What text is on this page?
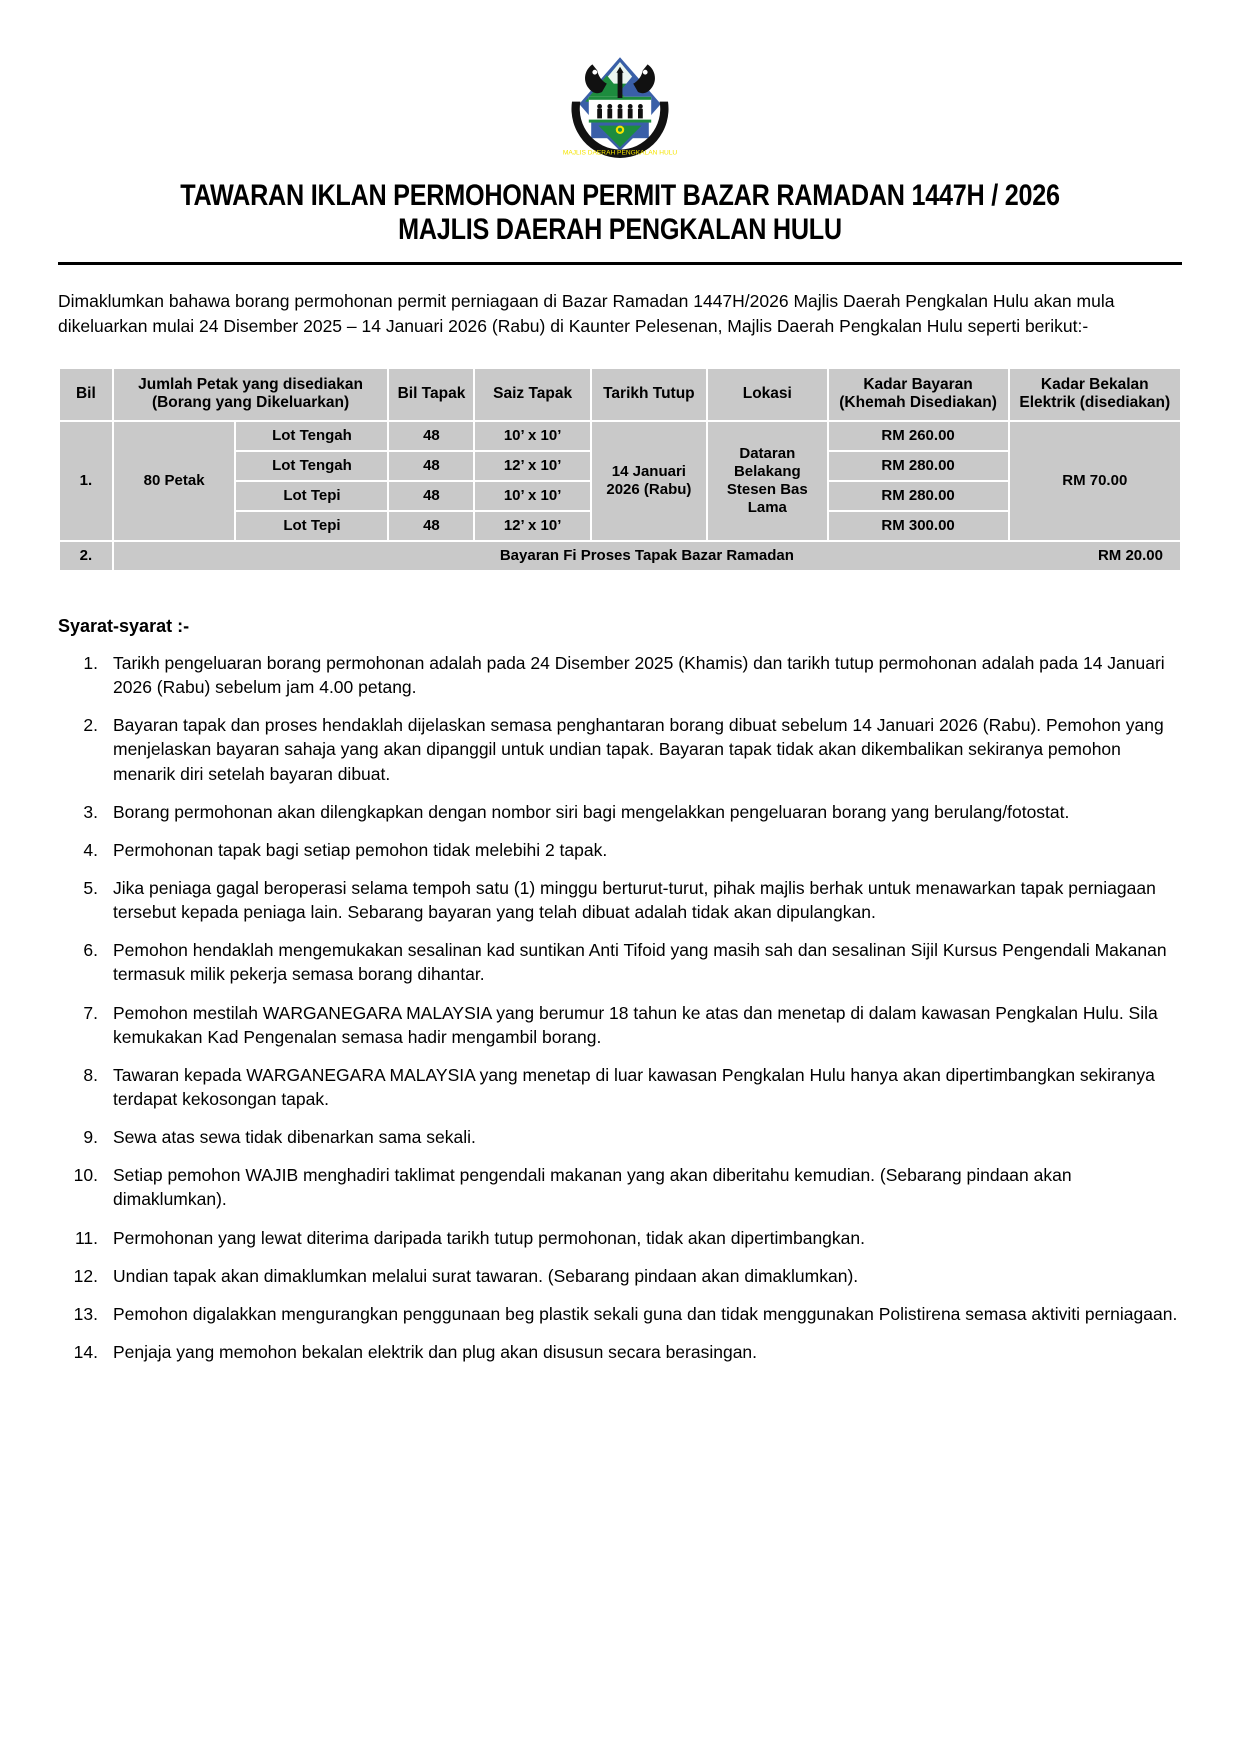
MAJLIS DAERAH PENGKALAN HULU
TAWARAN IKLAN PERMOHONAN PERMIT BAZAR RAMADAN 1447H / 2026
MAJLIS DAERAH PENGKALAN HULU

Dimaklumkan bahawa borang permohonan permit perniagaan di Bazar Ramadan 1447H/2026 Majlis Daerah Pengkalan Hulu akan mula dikeluarkan mulai 24 Disember 2025 – 14 Januari 2026 (Rabu) di Kaunter Pelesenan, Majlis Daerah Pengkalan Hulu seperti berikut:-

Bil	Jumlah Petak yang disediakan (Borang yang Dikeluarkan)		Bil Tapak	Saiz Tapak	Tarikh Tutup	Lokasi	Kadar Bayaran (Khemah Disediakan)	Kadar Bekalan Elektrik (disediakan)
1.	80 Petak	Lot Tengah	48	10’ x 10’	14 Januari 2026 (Rabu)	Dataran Belakang Stesen Bas Lama	RM 260.00	RM 70.00
		Lot Tengah	48	12’ x 10’			RM 280.00	
		Lot Tepi	48	10’ x 10’			RM 280.00	
		Lot Tepi	48	12’ x 10’			RM 300.00	
2.	Bayaran Fi Proses Tapak Bazar Ramadan RM 20.00							
Syarat-syarat :-
Tarikh pengeluaran borang permohonan adalah pada 24 Disember 2025 (Khamis) dan tarikh tutup permohonan adalah pada 14 Januari 2026 (Rabu) sebelum jam 4.00 petang.
Bayaran tapak dan proses hendaklah dijelaskan semasa penghantaran borang dibuat sebelum 14 Januari 2026 (Rabu). Pemohon yang menjelaskan bayaran sahaja yang akan dipanggil untuk undian tapak. Bayaran tapak tidak akan dikembalikan sekiranya pemohon menarik diri setelah bayaran dibuat.
Borang permohonan akan dilengkapkan dengan nombor siri bagi mengelakkan pengeluaran borang yang berulang/fotostat.
Permohonan tapak bagi setiap pemohon tidak melebihi 2 tapak.
Jika peniaga gagal beroperasi selama tempoh satu (1) minggu berturut-turut, pihak majlis berhak untuk menawarkan tapak perniagaan tersebut kepada peniaga lain. Sebarang bayaran yang telah dibuat adalah tidak akan dipulangkan.
Pemohon hendaklah mengemukakan sesalinan kad suntikan Anti Tifoid yang masih sah dan sesalinan Sijil Kursus Pengendali Makanan termasuk milik pekerja semasa borang dihantar.
Pemohon mestilah WARGANEGARA MALAYSIA yang berumur 18 tahun ke atas dan menetap di dalam kawasan Pengkalan Hulu. Sila kemukakan Kad Pengenalan semasa hadir mengambil borang.
Tawaran kepada WARGANEGARA MALAYSIA yang menetap di luar kawasan Pengkalan Hulu hanya akan dipertimbangkan sekiranya terdapat kekosongan tapak.
Sewa atas sewa tidak dibenarkan sama sekali.
Setiap pemohon WAJIB menghadiri taklimat pengendali makanan yang akan diberitahu kemudian. (Sebarang pindaan akan dimaklumkan).
Permohonan yang lewat diterima daripada tarikh tutup permohonan, tidak akan dipertimbangkan.
Undian tapak akan dimaklumkan melalui surat tawaran. (Sebarang pindaan akan dimaklumkan).
Pemohon digalakkan mengurangkan penggunaan beg plastik sekali guna dan tidak menggunakan Polistirena semasa aktiviti perniagaan.
Penjaja yang memohon bekalan elektrik dan plug akan disusun secara berasingan.
